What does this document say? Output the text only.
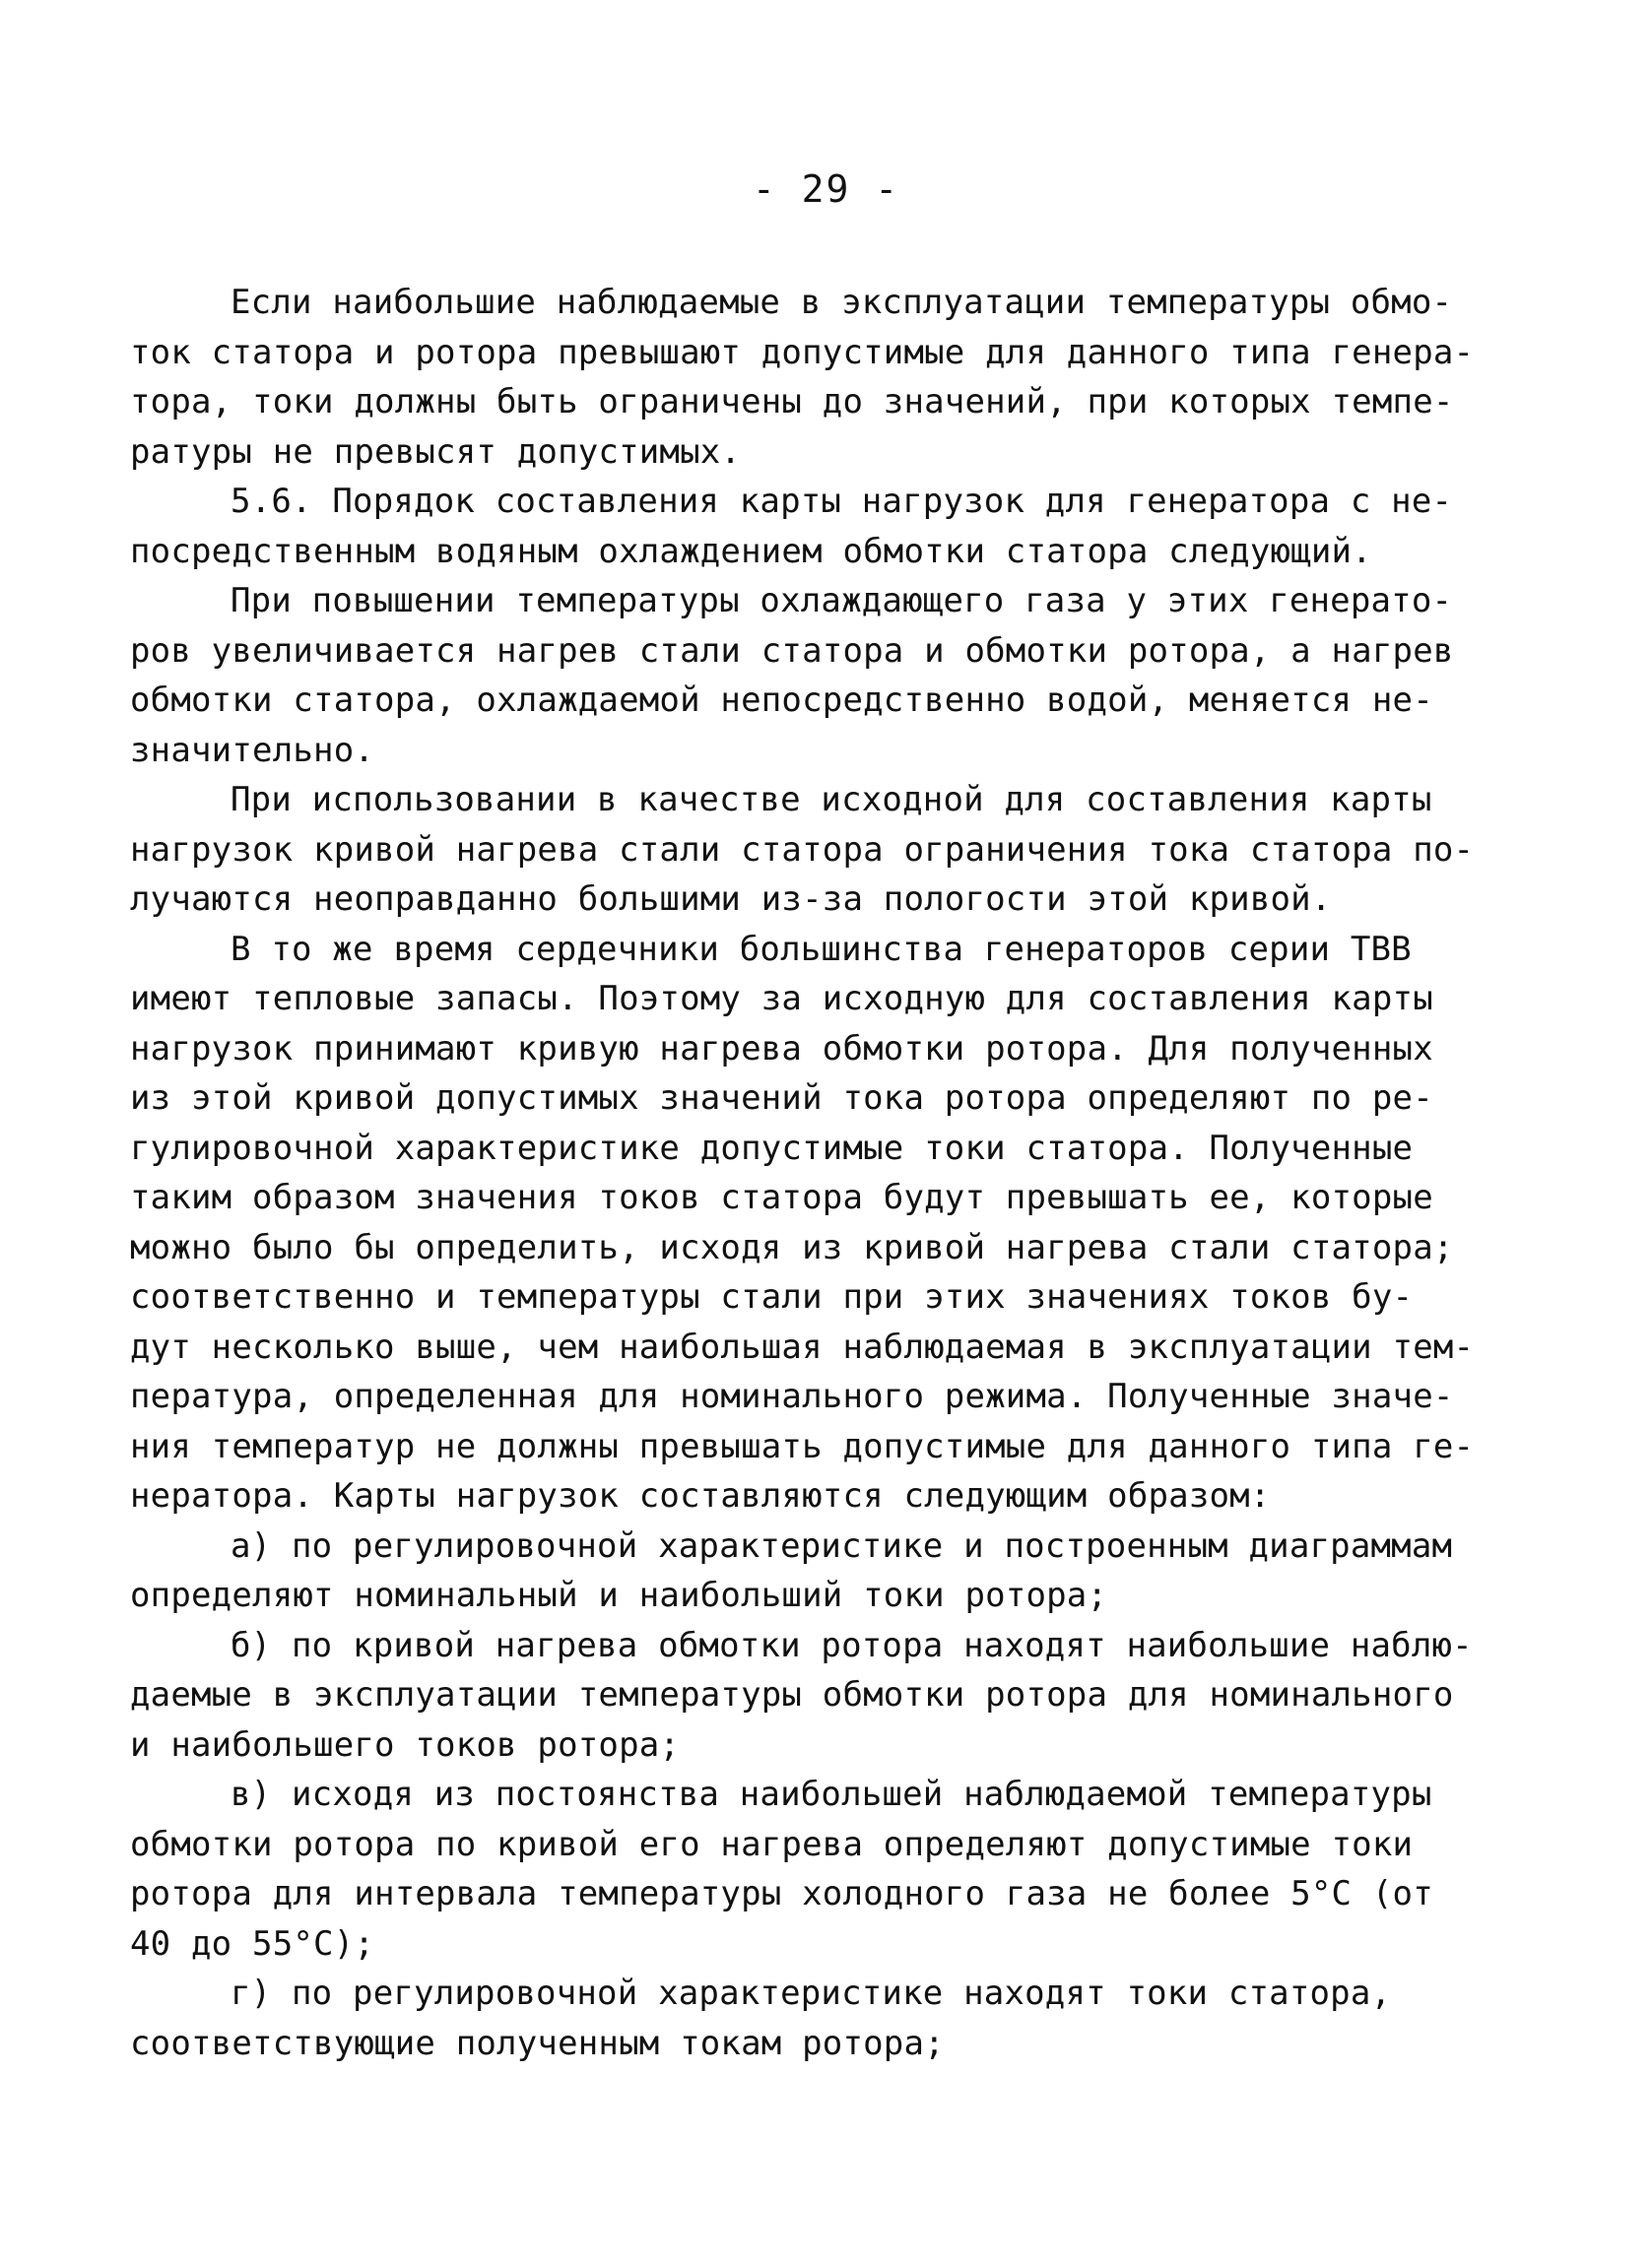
- 29 -
Если наибольшие наблюдаемые в эксплуатации температуры обмо-
ток статора и ротора превышают допустимые для данного типа генера-
тора, токи должны быть ограничены до значений, при которых темпе-
ратуры не превысят допустимых.
5.6. Порядок составления карты нагрузок для генератора с не-
посредственным водяным охлаждением обмотки статора следующий.
При повышении температуры охлаждающего газа у этих генерато-
ров увеличивается нагрев стали статора и обмотки ротора, а нагрев
обмотки статора, охлаждаемой непосредственно водой, меняется не-
значительно.
При использовании в качестве исходной для составления карты
нагрузок кривой нагрева стали статора ограничения тока статора по-
лучаются неоправданно большими из-за пологости этой кривой.
В то же время сердечники большинства генераторов серии ТВВ
имеют тепловые запасы. Поэтому за исходную для составления карты
нагрузок принимают кривую нагрева обмотки ротора. Для полученных
из этой кривой допустимых значений тока ротора определяют по ре-
гулировочной характеристике допустимые токи статора. Полученные
таким образом значения токов статора будут превышать ее, которые
можно было бы определить, исходя из кривой нагрева стали статора;
соответственно и температуры стали при этих значениях токов бу-
дут несколько выше, чем наибольшая наблюдаемая в эксплуатации тем-
пература, определенная для номинального режима. Полученные значе-
ния температур не должны превышать допустимые для данного типа ге-
нератора. Карты нагрузок составляются следующим образом:
а) по регулировочной характеристике и построенным диаграммам
определяют номинальный и наибольший токи ротора;
б) по кривой нагрева обмотки ротора находят наибольшие наблю-
даемые в эксплуатации температуры обмотки ротора для номинального
и наибольшего токов ротора;
в) исходя из постоянства наибольшей наблюдаемой температуры
обмотки ротора по кривой его нагрева определяют допустимые токи
ротора для интервала температуры холодного газа не более 5°С (от
40 до 55°С);
г) по регулировочной характеристике находят токи статора,
соответствующие полученным токам ротора;
